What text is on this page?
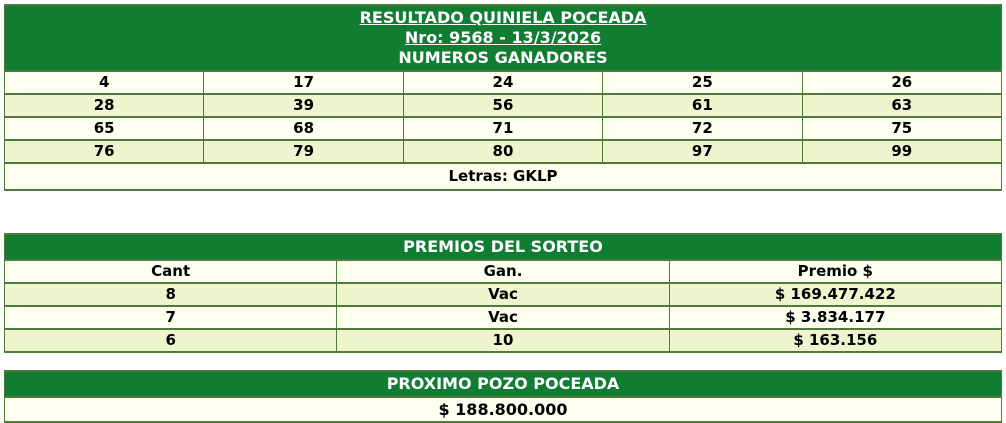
RESULTADO QUINIELA POCEADA
Nro: 9568 - 13/3/2026
NUMEROS GANADORES				

4	17	24	25	26
28	39	56	61	63
65	68	71	72	75
76	79	80	97	99
Letras: GKLP				
PREMIOS DEL SORTEO		
Cant	Gan.	Premio $
8	Vac	$ 169.477.422
7	Vac	$ 3.834.177
6	10	$ 163.156
PROXIMO POZO POCEADA
$ 188.800.000
